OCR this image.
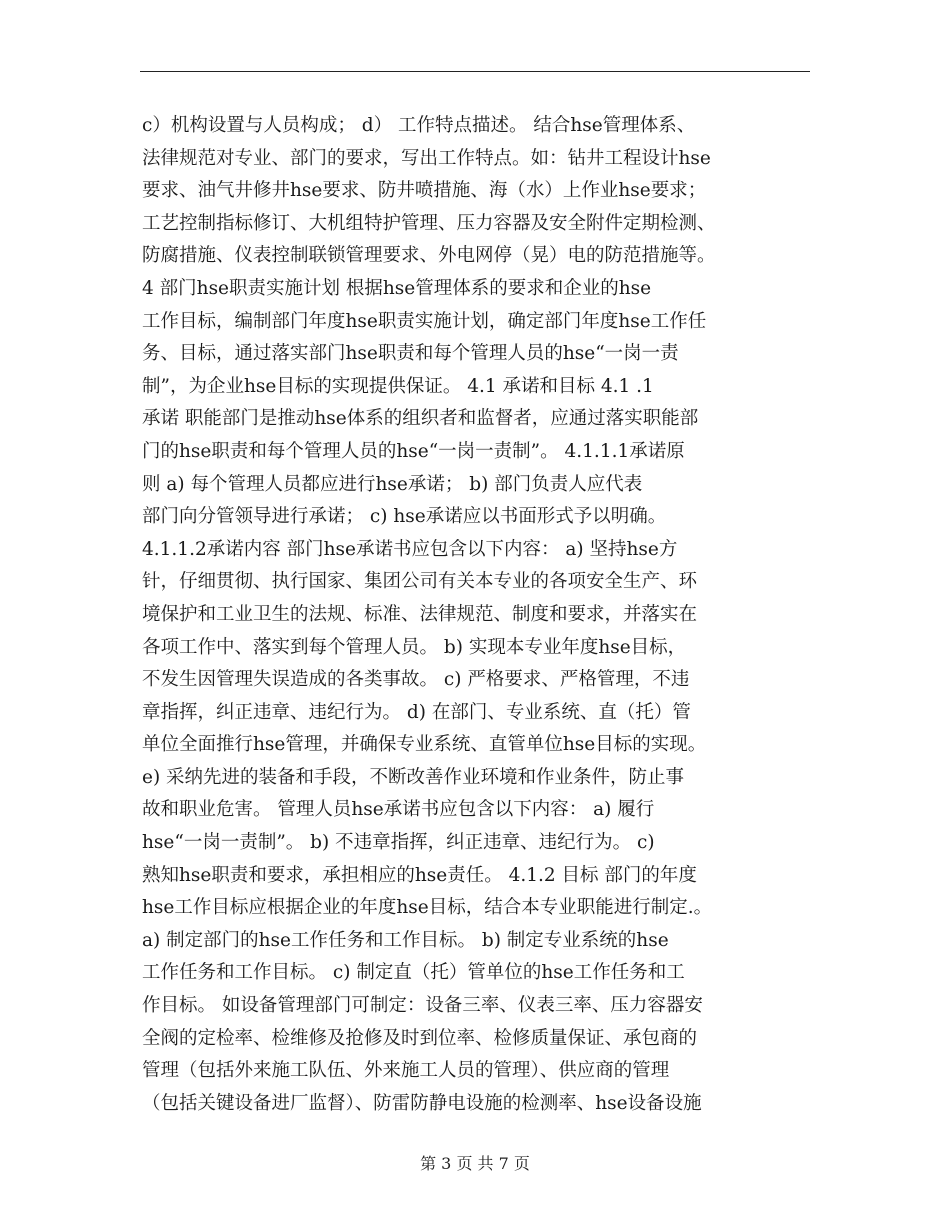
c）机构设置与人员构成； d） 工作特点描述。 结合hse管理体系、
法律规范对专业、部门的要求，写出工作特点。如：钻井工程设计hse
要求、油气井修井hse要求、防井喷措施、海（水）上作业hse要求；
工艺控制指标修订、大机组特护管理、压力容器及安全附件定期检测、
防腐措施、仪表控制联锁管理要求、外电网停（晃）电的防范措施等。
4 部门hse职责实施计划 根据hse管理体系的要求和企业的hse
工作目标，编制部门年度hse职责实施计划，确定部门年度hse工作任
务、目标，通过落实部门hse职责和每个管理人员的hse“一岗一责
制”，为企业hse目标的实现提供保证。 4.1 承诺和目标 4.1 .1
承诺 职能部门是推动hse体系的组织者和监督者，应通过落实职能部
门的hse职责和每个管理人员的hse“一岗一责制”。 4.1.1.1承诺原
则 a) 每个管理人员都应进行hse承诺； b) 部门负责人应代表
部门向分管领导进行承诺； c) hse承诺应以书面形式予以明确。
4.1.1.2承诺内容 部门hse承诺书应包含以下内容： a) 坚持hse方
针，仔细贯彻、执行国家、集团公司有关本专业的各项安全生产、环
境保护和工业卫生的法规、标准、法律规范、制度和要求，并落实在
各项工作中、落实到每个管理人员。 b) 实现本专业年度hse目标，
不发生因管理失误造成的各类事故。 c) 严格要求、严格管理，不违
章指挥，纠正违章、违纪行为。 d) 在部门、专业系统、直（托）管
单位全面推行hse管理，并确保专业系统、直管单位hse目标的实现。
e) 采纳先进的装备和手段，不断改善作业环境和作业条件，防止事
故和职业危害。 管理人员hse承诺书应包含以下内容： a) 履行
hse“一岗一责制”。 b) 不违章指挥，纠正违章、违纪行为。 c)
熟知hse职责和要求，承担相应的hse责任。 4.1.2 目标 部门的年度
hse工作目标应根据企业的年度hse目标，结合本专业职能进行制定.。
a) 制定部门的hse工作任务和工作目标。 b) 制定专业系统的hse
工作任务和工作目标。 c) 制定直（托）管单位的hse工作任务和工
作目标。 如设备管理部门可制定：设备三率、仪表三率、压力容器安
全阀的定检率、检维修及抢修及时到位率、检修质量保证、承包商的
管理（包括外来施工队伍、外来施工人员的管理）、供应商的管理
（包括关键设备进厂监督）、防雷防静电设施的检测率、hse设备设施
第 3 页 共 7 页
